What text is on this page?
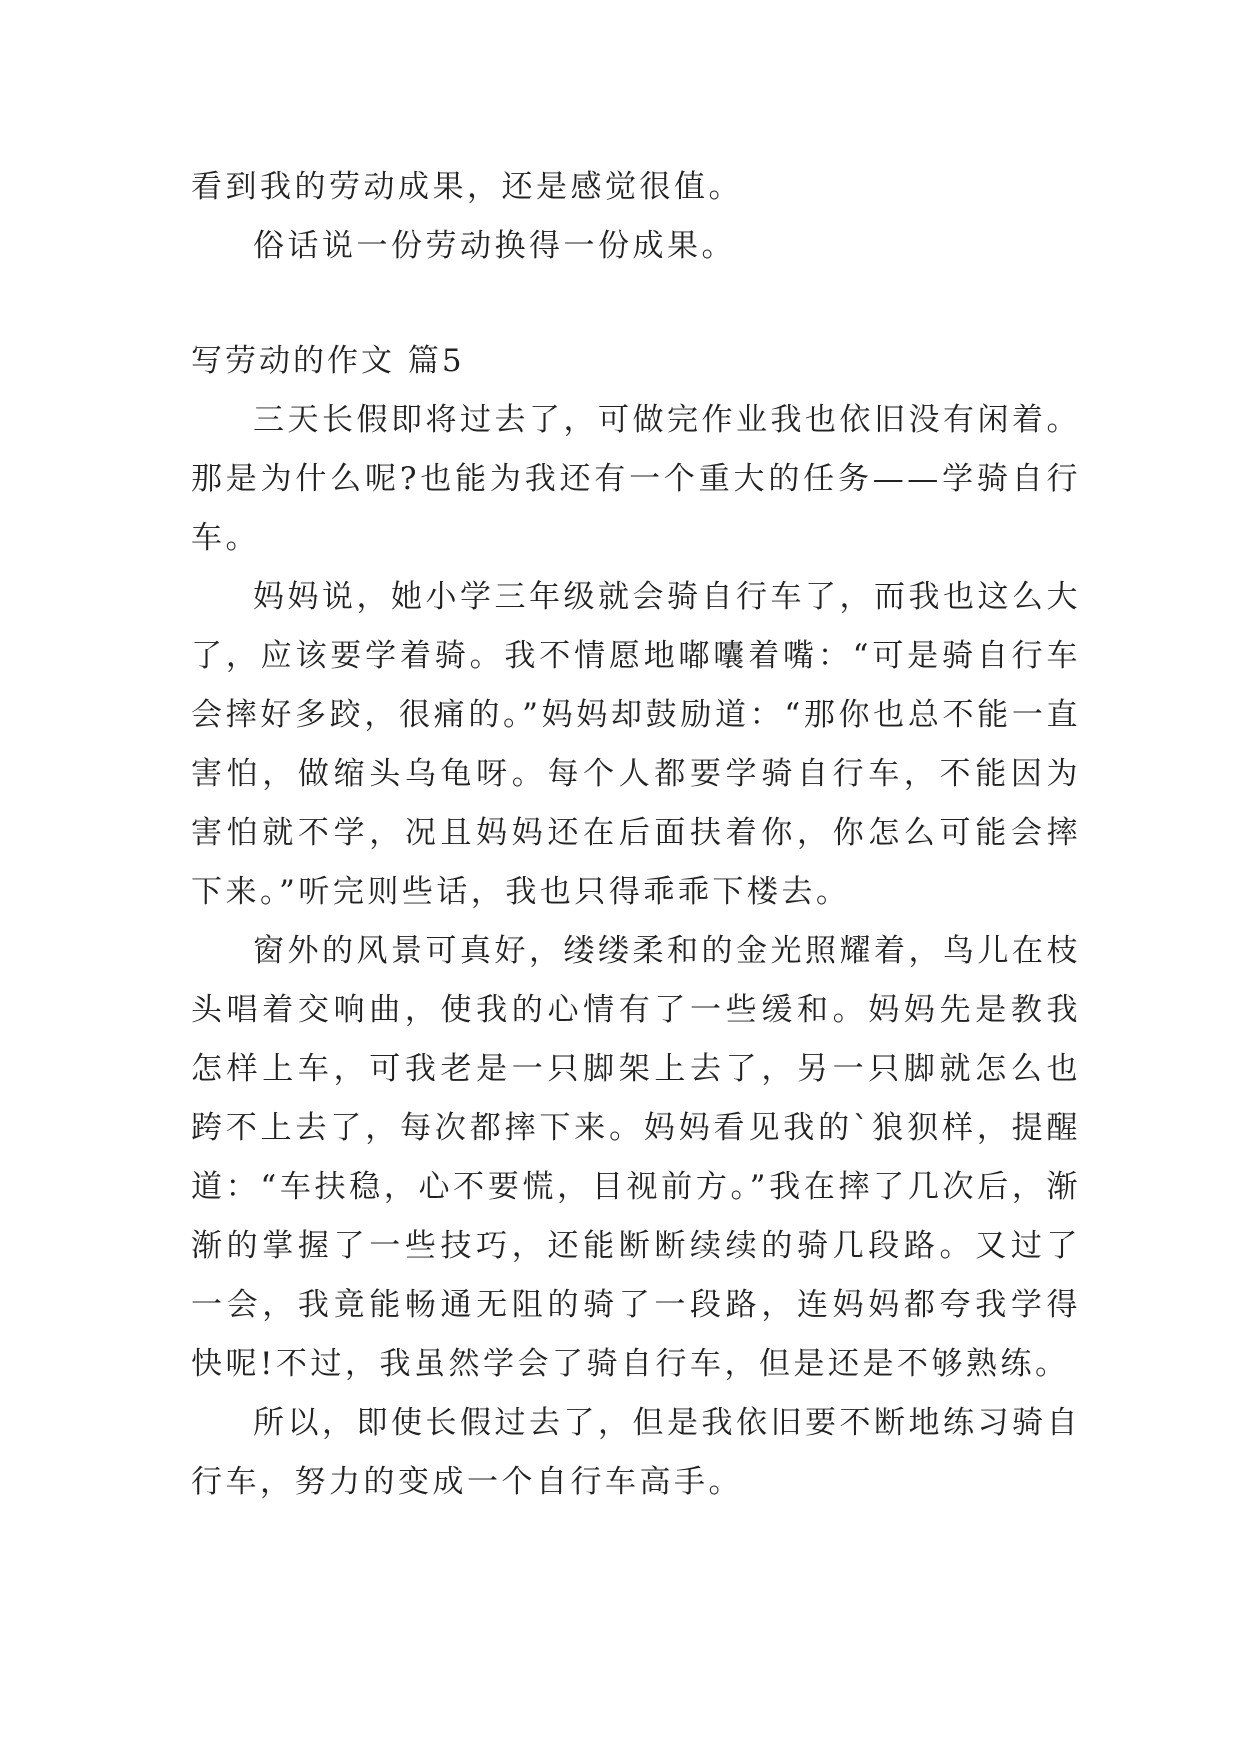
看到我的劳动成果，还是感觉很值。

俗话说一份劳动换得一份成果。

写劳动的作文 篇5

三天长假即将过去了，可做完作业我也依旧没有闲着。那是为什么呢?也能为我还有一个重大的任务——学骑自行车。

妈妈说，她小学三年级就会骑自行车了，而我也这么大了，应该要学着骑。我不情愿地嘟囔着嘴：“可是骑自行车会摔好多跤，很痛的。”妈妈却鼓励道：“那你也总不能一直害怕，做缩头乌龟呀。每个人都要学骑自行车，不能因为害怕就不学，况且妈妈还在后面扶着你，你怎么可能会摔下来。”听完则些话，我也只得乖乖下楼去。

窗外的风景可真好，缕缕柔和的金光照耀着，鸟儿在枝头唱着交响曲，使我的心情有了一些缓和。妈妈先是教我怎样上车，可我老是一只脚架上去了，另一只脚就怎么也跨不上去了，每次都摔下来。妈妈看见我的`狼狈样，提醒道：“车扶稳，心不要慌，目视前方。”我在摔了几次后，渐渐的掌握了一些技巧，还能断断续续的骑几段路。又过了一会，我竟能畅通无阻的骑了一段路，连妈妈都夸我学得快呢!不过，我虽然学会了骑自行车，但是还是不够熟练。

所以，即使长假过去了，但是我依旧要不断地练习骑自行车，努力的变成一个自行车高手。
